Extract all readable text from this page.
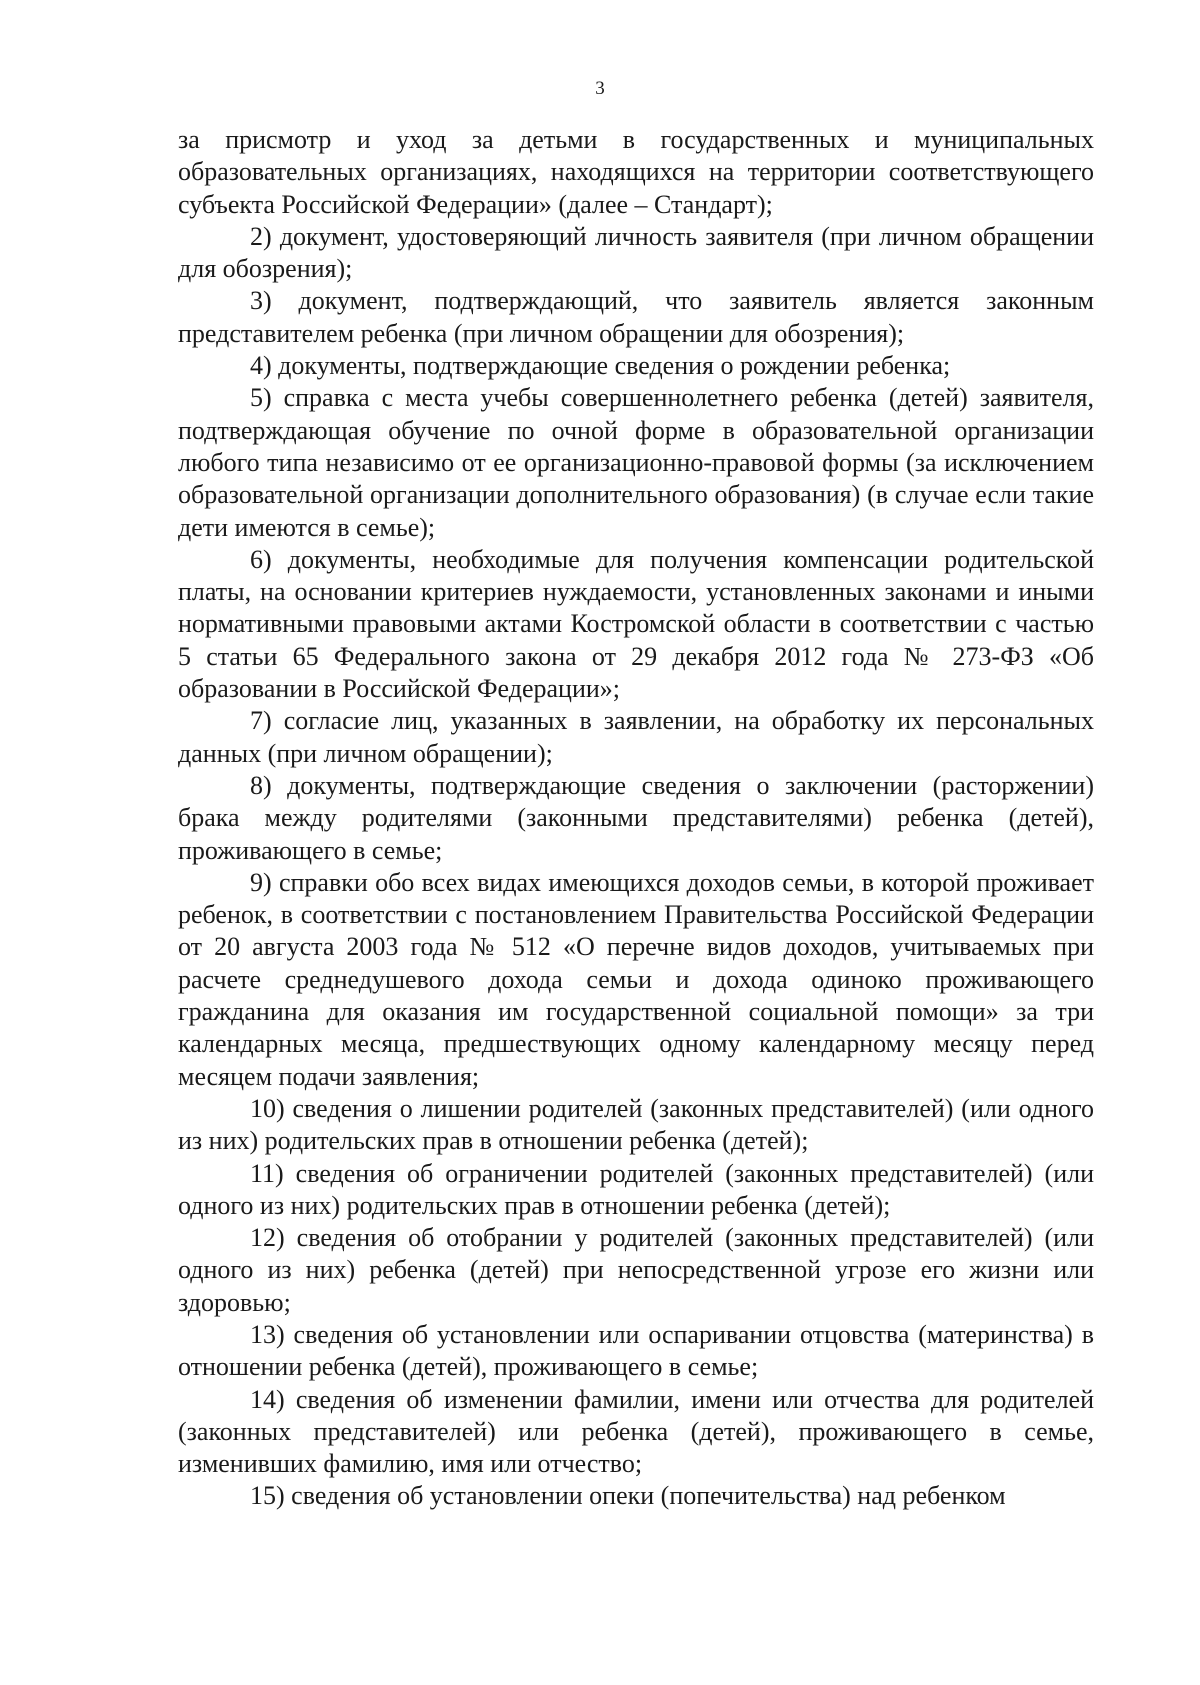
3

за присмотр и уход за детьми в государственных и муниципальных образовательных организациях, находящихся на территории соответствующего субъекта Российской Федерации» (далее – Стандарт);

2) документ, удостоверяющий личность заявителя (при личном обращении для обозрения);

3) документ, подтверждающий, что заявитель является законным представителем ребенка (при личном обращении для обозрения);

4) документы, подтверждающие сведения о рождении ребенка;

5) справка с места учебы совершеннолетнего ребенка (детей) заявителя, подтверждающая обучение по очной форме в образовательной организации любого типа независимо от ее организационно-правовой формы (за исключением образовательной организации дополнительного образования) (в случае если такие дети имеются в семье);

6) документы, необходимые для получения компенсации родительской платы, на основании критериев нуждаемости, установленных законами и иными нормативными правовыми актами Костромской области в соответствии с частью 5 статьи 65 Федерального закона от 29 декабря 2012 года № 273-ФЗ «Об образовании в Российской Федерации»;

7) согласие лиц, указанных в заявлении, на обработку их персональных данных (при личном обращении);

8) документы, подтверждающие сведения о заключении (расторжении) брака между родителями (законными представителями) ребенка (детей), проживающего в семье;

9) справки обо всех видах имеющихся доходов семьи, в которой проживает ребенок, в соответствии с постановлением Правительства Российской Федерации от 20 августа 2003 года № 512 «О перечне видов доходов, учитываемых при расчете среднедушевого дохода семьи и дохода одиноко проживающего гражданина для оказания им государственной социальной помощи» за три календарных месяца, предшествующих одному календарному месяцу перед месяцем подачи заявления;

10) сведения о лишении родителей (законных представителей) (или одного из них) родительских прав в отношении ребенка (детей);

11) сведения об ограничении родителей (законных представителей) (или одного из них) родительских прав в отношении ребенка (детей);

12) сведения об отобрании у родителей (законных представителей) (или одного из них) ребенка (детей) при непосредственной угрозе его жизни или здоровью;

13) сведения об установлении или оспаривании отцовства (материнства) в отношении ребенка (детей), проживающего в семье;

14) сведения об изменении фамилии, имени или отчества для родителей (законных представителей) или ребенка (детей), проживающего в семье, изменивших фамилию, имя или отчество;

15) сведения об установлении опеки (попечительства) над ребенком
